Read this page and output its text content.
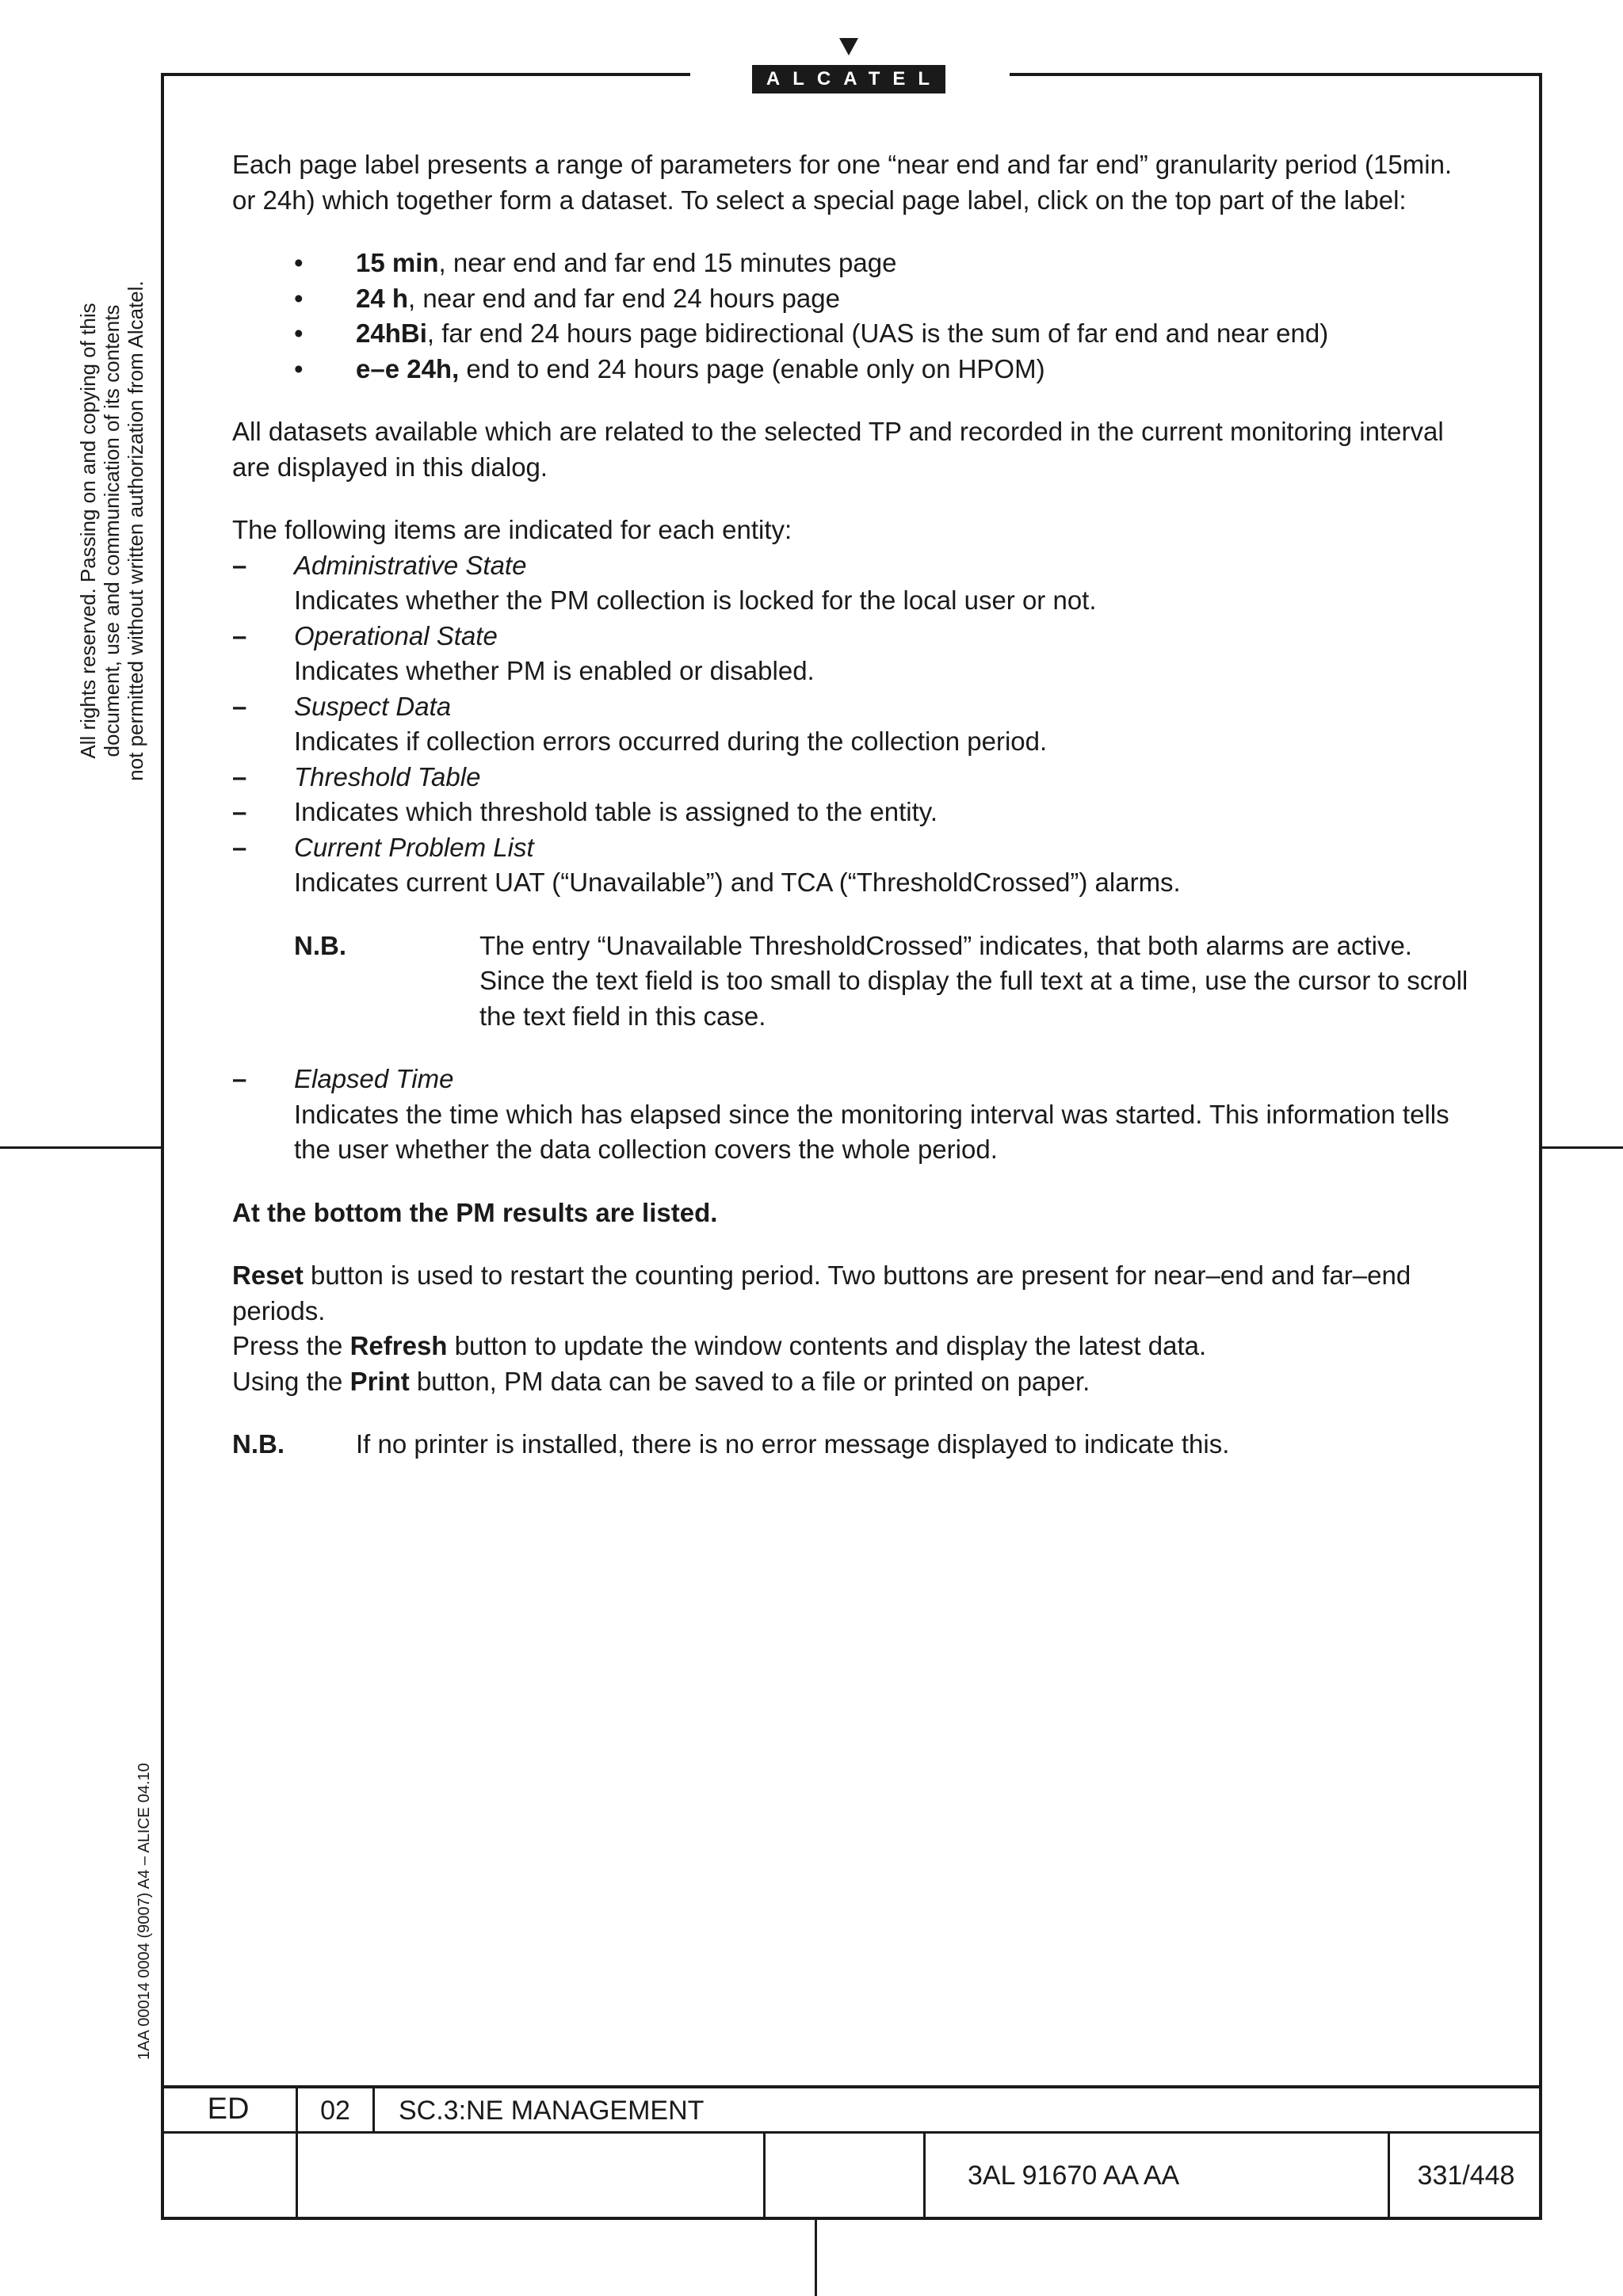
ALCATEL
All rights reserved. Passing on and copying of this document, use and communication of its contents not permitted without written authorization from Alcatel.
1AA 00014 0004 (9007) A4 – ALICE 04.10

Each page label presents a range of parameters for one “near end and far end” granularity period (15min. or 24h) which together form a dataset. To select a special page label, click on the top part of the label:

• 15 min, near end and far end 15 minutes page
• 24 h, near end and far end 24 hours page
• 24hBi, far end 24 hours page bidirectional (UAS is the sum of far end and near end)
• e–e 24h, end to end 24 hours page (enable only on HPOM)

All datasets available which are related to the selected TP and recorded in the current monitoring interval are displayed in this dialog.

The following items are indicated for each entity:

– Administrative State
Indicates whether the PM collection is locked for the local user or not.
– Operational State
Indicates whether PM is enabled or disabled.
– Suspect Data
Indicates if collection errors occurred during the collection period.
– Threshold Table
– Indicates which threshold table is assigned to the entity.
– Current Problem List
Indicates current UAT (“Unavailable”) and TCA (“ThresholdCrossed”) alarms.
N.B.	The entry “Unavailable ThresholdCrossed” indicates, that both alarms are active. Since the text field is too small to display the full text at a time, use the cursor to scroll the text field in this case.
– Elapsed Time
Indicates the time which has elapsed since the monitoring interval was started. This information tells the user whether the data collection covers the whole period.

At the bottom the PM results are listed.

Reset button is used to restart the counting period. Two buttons are present for near–end and far–end periods.
Press the Refresh button to update the window contents and display the latest data.
Using the Print button, PM data can be saved to a file or printed on paper.
N.B.	If no printer is installed, there is no error message displayed to indicate this.
ED	02	SC.3:NE MANAGEMENT
3AL 91670 AA AA	331/448
